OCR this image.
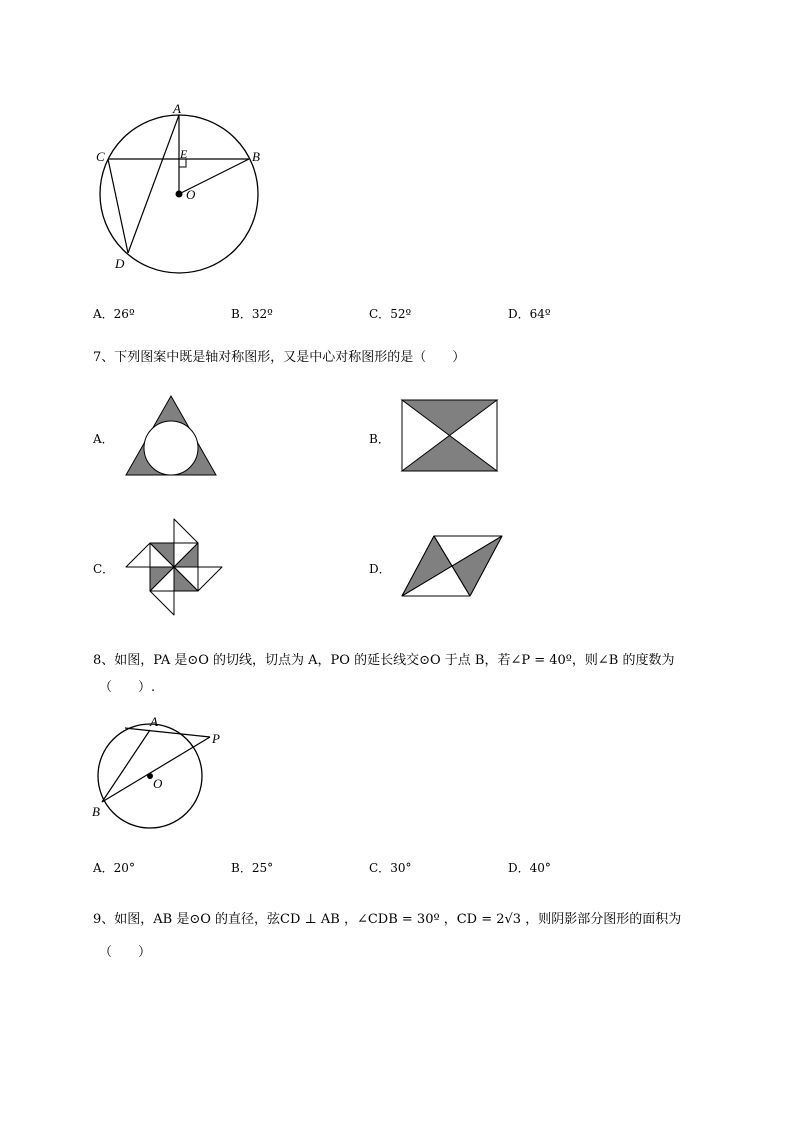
A
C	B
E
O
D
A．26º	B．32º	C．52º	D．64º
7、下列图案中既是轴对称图形，又是中心对称图形的是（　　）
A．	B．
C．	D．
8、如图，PA 是⊙O 的切线，切点为 A，PO 的延长线交⊙O 于点 B，若∠P = 40º，则∠B 的度数为
（　　）.
A
P
O
B
A．20°	B．25°	C．30°	D．40°
9、如图，AB 是⊙O 的直径，弦CD ⊥ AB ，∠CDB = 30º ，CD = 2√3 ，则阴影部分图形的面积为
（　　）
